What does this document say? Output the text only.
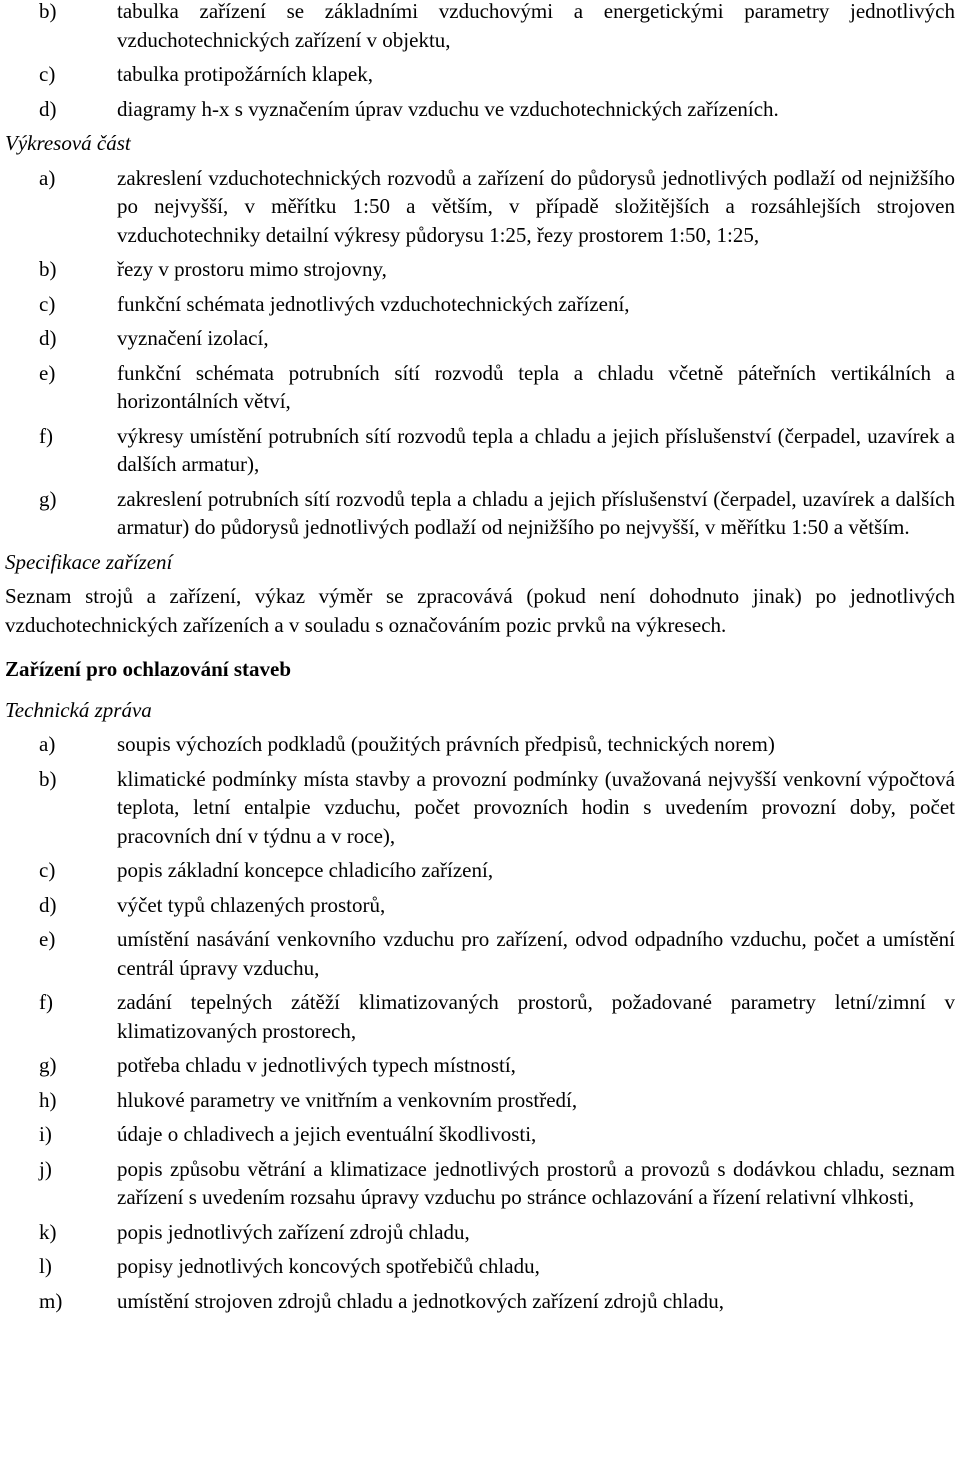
b)	tabulka zařízení se základními vzduchovými a energetickými parametry jednotlivých vzduchotechnických zařízení v objektu,
c)	tabulka protipožárních klapek,
d)	diagramy h-x s vyznačením úprav vzduchu ve vzduchotechnických zařízeních.
Výkresová část
a)	zakreslení vzduchotechnických rozvodů a zařízení do půdorysů jednotlivých podlaží od nejnižšího po nejvyšší, v měřítku 1:50 a větším, v případě složitějších a rozsáhlejších strojoven vzduchotechniky detailní výkresy půdorysu 1:25, řezy prostorem 1:50, 1:25,
b)	řezy v prostoru mimo strojovny,
c)	funkční schémata jednotlivých vzduchotechnických zařízení,
d)	vyznačení izolací,
e)	funkční schémata potrubních sítí rozvodů tepla a chladu včetně páteřních vertikálních a horizontálních větví,
f)	výkresy umístění potrubních sítí rozvodů tepla a chladu a jejich příslušenství (čerpadel, uzavírek a dalších armatur),
g)	zakreslení potrubních sítí rozvodů tepla a chladu a jejich příslušenství (čerpadel, uzavírek a dalších armatur) do půdorysů jednotlivých podlaží od nejnižšího po nejvyšší, v měřítku 1:50 a větším.
Specifikace zařízení
Seznam strojů a zařízení, výkaz výměr se zpracovává (pokud není dohodnuto jinak) po jednotlivých vzduchotechnických zařízeních a v souladu s označováním pozic prvků na výkresech.
Zařízení pro ochlazování staveb
Technická zpráva
a)	soupis výchozích podkladů (použitých právních předpisů, technických norem)
b)	klimatické podmínky místa stavby a provozní podmínky (uvažovaná nejvyšší venkovní výpočtová teplota, letní entalpie vzduchu, počet provozních hodin s uvedením provozní doby, počet pracovních dní v týdnu a v roce),
c)	popis základní koncepce chladicího zařízení,
d)	výčet typů chlazených prostorů,
e)	umístění nasávání venkovního vzduchu pro zařízení, odvod odpadního vzduchu, počet a umístění centrál úpravy vzduchu,
f)	zadání tepelných zátěží klimatizovaných prostorů, požadované parametry letní/zimní v klimatizovaných prostorech,
g)	potřeba chladu v jednotlivých typech místností,
h)	hlukové parametry ve vnitřním a venkovním prostředí,
i)	údaje o chladivech a jejich eventuální škodlivosti,
j)	popis způsobu větrání a klimatizace jednotlivých prostorů a provozů s dodávkou chladu, seznam zařízení s uvedením rozsahu úpravy vzduchu po stránce ochlazování a řízení relativní vlhkosti,
k)	popis jednotlivých zařízení zdrojů chladu,
l)	popisy jednotlivých koncových spotřebičů chladu,
m)	umístění strojoven zdrojů chladu a jednotkových zařízení zdrojů chladu,
